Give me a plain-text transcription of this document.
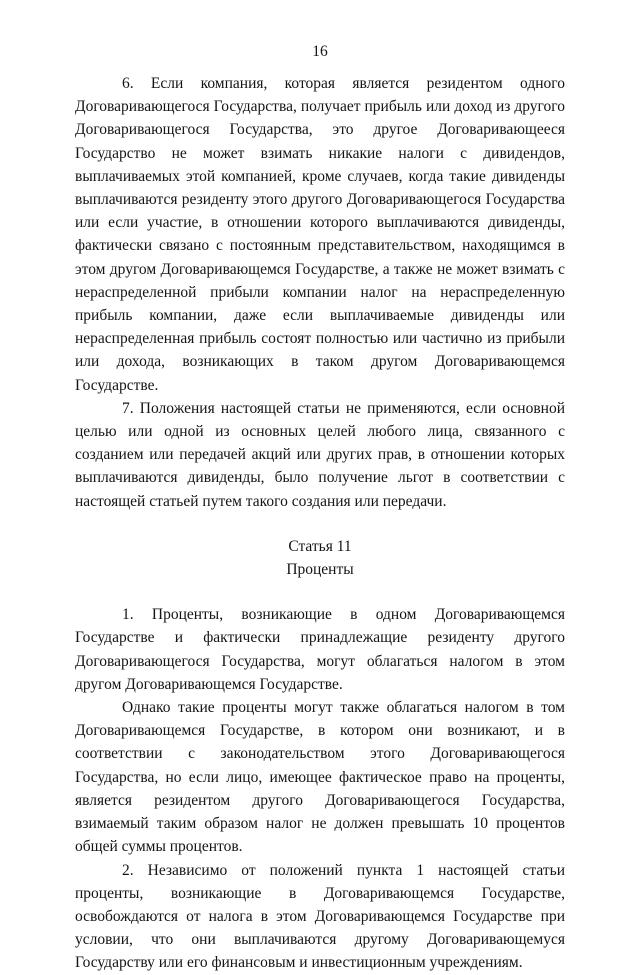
16

6. Если компания, которая является резидентом одного Договаривающегося Государства, получает прибыль или доход из другого Договаривающегося Государства, это другое Договаривающееся Государство не может взимать никакие налоги с дивидендов, выплачиваемых этой компанией, кроме случаев, когда такие дивиденды выплачиваются резиденту этого другого Договаривающегося Государства или если участие, в отношении которого выплачиваются дивиденды, фактически связано с постоянным представительством, находящимся в этом другом Договаривающемся Государстве, а также не может взимать с нераспределенной прибыли компании налог на нераспределенную прибыль компании, даже если выплачиваемые дивиденды или нераспределенная прибыль состоят полностью или частично из прибыли или дохода, возникающих в таком другом Договаривающемся Государстве.

7. Положения настоящей статьи не применяются, если основной целью или одной из основных целей любого лица, связанного с созданием или передачей акций или других прав, в отношении которых выплачиваются дивиденды, было получение льгот в соответствии с настоящей статьей путем такого создания или передачи.

Статья 11
Проценты

1. Проценты, возникающие в одном Договаривающемся Государстве и фактически принадлежащие резиденту другого Договаривающегося Государства, могут облагаться налогом в этом другом Договаривающемся Государстве.

Однако такие проценты могут также облагаться налогом в том Договаривающемся Государстве, в котором они возникают, и в соответствии с законодательством этого Договаривающегося Государства, но если лицо, имеющее фактическое право на проценты, является резидентом другого Договаривающегося Государства, взимаемый таким образом налог не должен превышать 10 процентов общей суммы процентов.

2. Независимо от положений пункта 1 настоящей статьи проценты, возникающие в Договаривающемся Государстве, освобождаются от налога в этом Договаривающемся Государстве при условии, что они выплачиваются другому Договаривающемуся Государству или его финансовым и инвестиционным учреждениям.
